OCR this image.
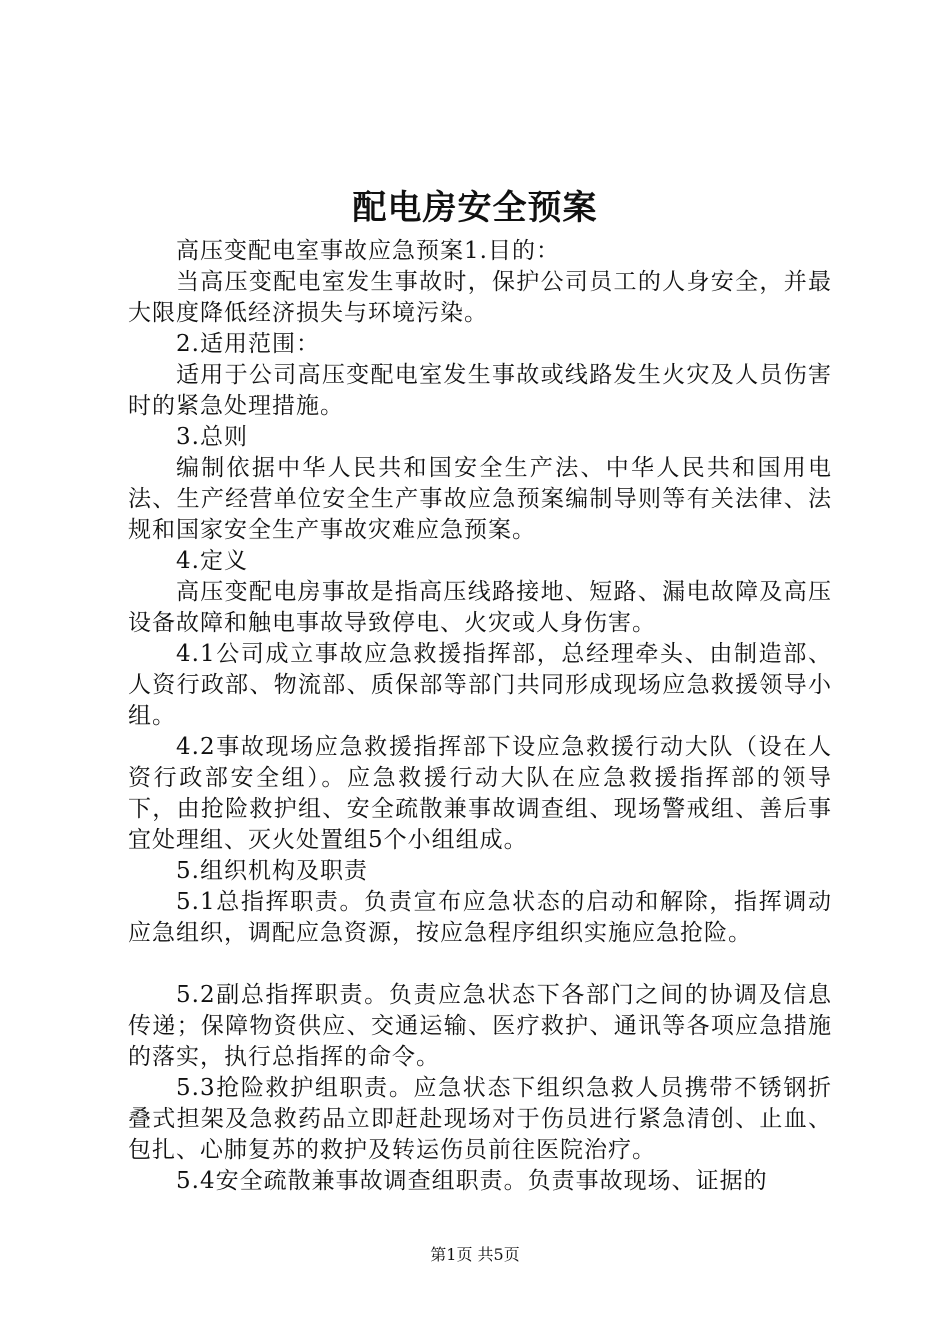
配电房安全预案

高压变配电室事故应急预案1.目的：

当高压变配电室发生事故时，保护公司员工的人身安全，并最大限度降低经济损失与环境污染。

2.适用范围：

适用于公司高压变配电室发生事故或线路发生火灾及人员伤害时的紧急处理措施。

3.总则

编制依据中华人民共和国安全生产法、中华人民共和国用电法、生产经营单位安全生产事故应急预案编制导则等有关法律、法规和国家安全生产事故灾难应急预案。

4.定义

高压变配电房事故是指高压线路接地、短路、漏电故障及高压设备故障和触电事故导致停电、火灾或人身伤害。

4.1公司成立事故应急救援指挥部，总经理牵头、由制造部、人资行政部、物流部、质保部等部门共同形成现场应急救援领导小组。

4.2事故现场应急救援指挥部下设应急救援行动大队（设在人资行政部安全组）。应急救援行动大队在应急救援指挥部的领导下，由抢险救护组、安全疏散兼事故调查组、现场警戒组、善后事宜处理组、灭火处置组5个小组组成。

5.组织机构及职责

5.1总指挥职责。负责宣布应急状态的启动和解除，指挥调动应急组织，调配应急资源，按应急程序组织实施应急抢险。

5.2副总指挥职责。负责应急状态下各部门之间的协调及信息传递；保障物资供应、交通运输、医疗救护、通讯等各项应急措施的落实，执行总指挥的命令。

5.3抢险救护组职责。应急状态下组织急救人员携带不锈钢折叠式担架及急救药品立即赶赴现场对于伤员进行紧急清创、止血、包扎、心肺复苏的救护及转运伤员前往医院治疗。

5.4安全疏散兼事故调查组职责。负责事故现场、证据的

第1页 共5页
